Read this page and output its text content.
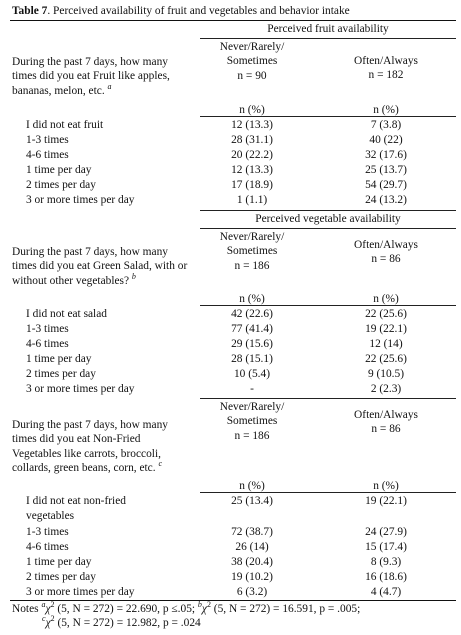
Table 7. Perceived availability of fruit and vegetables and behavior intake
Perceived fruit availability
Never/Rarely/
Sometimes
n = 90
Often/Always
n = 182
During the past 7 days, how many times did you eat Fruit like apples, bananas, melon, etc. $^a$
n (%)	n (%)
I did not eat fruit	12 (13.3)	7 (3.8)
1-3 times	28 (31.1)	40 (22)
4-6 times	20 (22.2)	32 (17.6)
1 time per day	12 (13.3)	25 (13.7)
2 times per day	17 (18.9)	54 (29.7)
3 or more times per day	1 (1.1)	24 (13.2)
Perceived vegetable availability
Never/Rarely/
Sometimes
n = 186
Often/Always
n = 86
During the past 7 days, how many times did you eat Green Salad, with or without other vegetables? $^b$
n (%)	n (%)
I did not eat salad	42 (22.6)	22 (25.6)
1-3 times	77 (41.4)	19 (22.1)
4-6 times	29 (15.6)	12 (14)
1 time per day	28 (15.1)	22 (25.6)
2 times per day	10 (5.4)	9 (10.5)
3 or more times per day	-	2 (2.3)
Never/Rarely/
Sometimes
n = 186
Often/Always
n = 86
During the past 7 days, how many times did you eat Non-Fried Vegetables like carrots, broccoli, collards, green beans, corn, etc. $^c$
n (%)	n (%)
I did not eat non-fried
vegetables
25 (13.4)	19 (22.1)
1-3 times	72 (38.7)	24 (27.9)
4-6 times	26 (14)	15 (17.4)
1 time per day	38 (20.4)	8 (9.3)
2 times per day	19 (10.2)	16 (18.6)
3 or more times per day	6 (3.2)	4 (4.7)
Notes $^a\chi^2$ (5, N = 272) = 22.690, p ≤.05; $^b\chi^2$ (5, N = 272) = 16.591, p = .005;
$^c\chi^2$ (5, N = 272) = 12.982, p = .024
